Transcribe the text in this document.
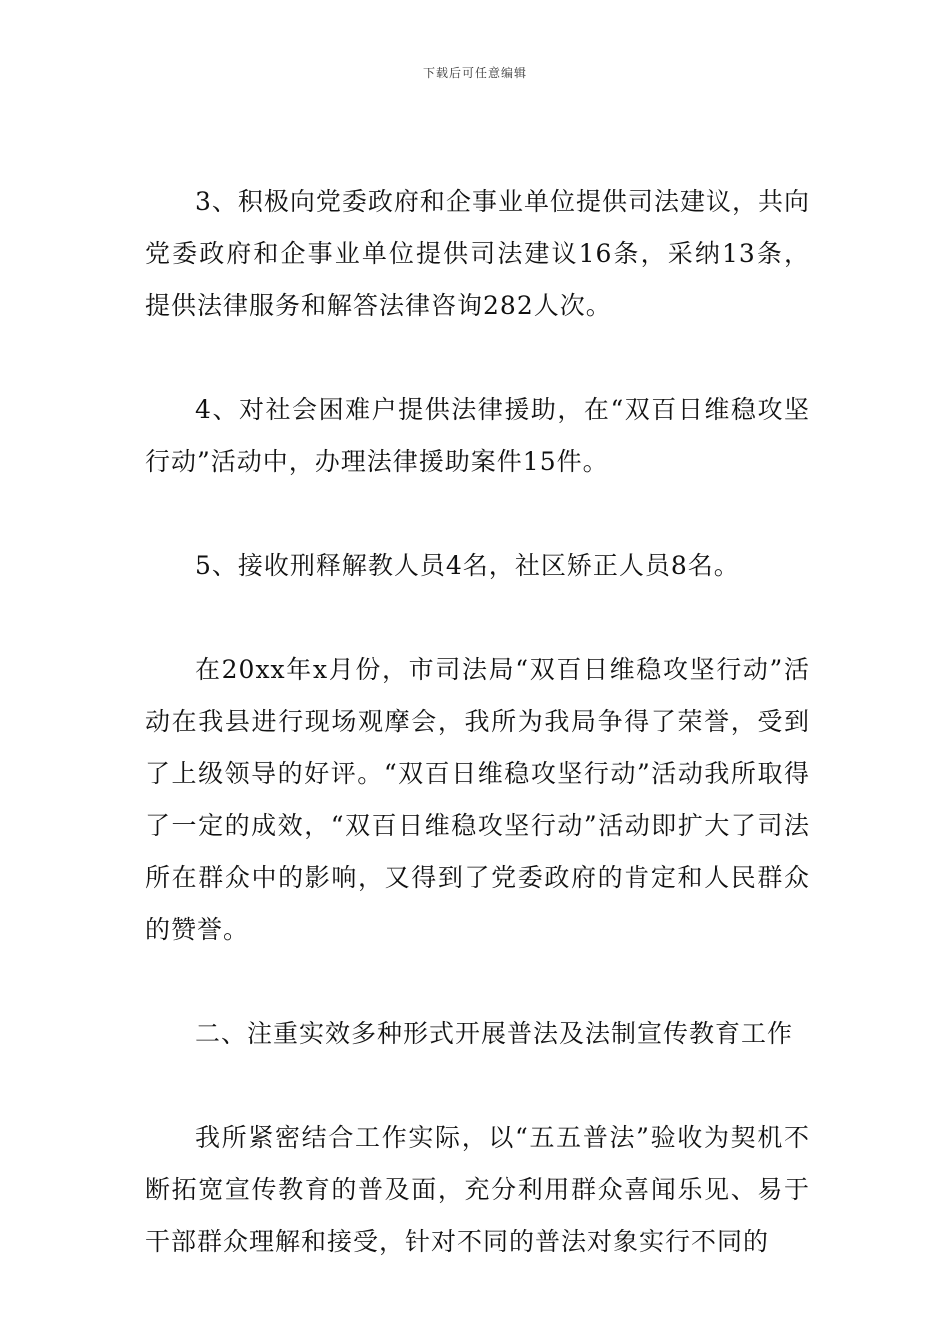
下载后可任意编辑

3、积极向党委政府和企事业单位提供司法建议，共向党委政府和企事业单位提供司法建议16条，采纳13条，提供法律服务和解答法律咨询282人次。

4、对社会困难户提供法律援助，在“双百日维稳攻坚行动”活动中，办理法律援助案件15件。

5、接收刑释解教人员4名，社区矫正人员8名。

在20xx年x月份，市司法局“双百日维稳攻坚行动”活动在我县进行现场观摩会，我所为我局争得了荣誉，受到了上级领导的好评。“双百日维稳攻坚行动”活动我所取得了一定的成效，“双百日维稳攻坚行动”活动即扩大了司法所在群众中的影响，又得到了党委政府的肯定和人民群众的赞誉。

二、注重实效多种形式开展普法及法制宣传教育工作

我所紧密结合工作实际，以“五五普法”验收为契机不断拓宽宣传教育的普及面，充分利用群众喜闻乐见、易于干部群众理解和接受，针对不同的普法对象实行不同的
